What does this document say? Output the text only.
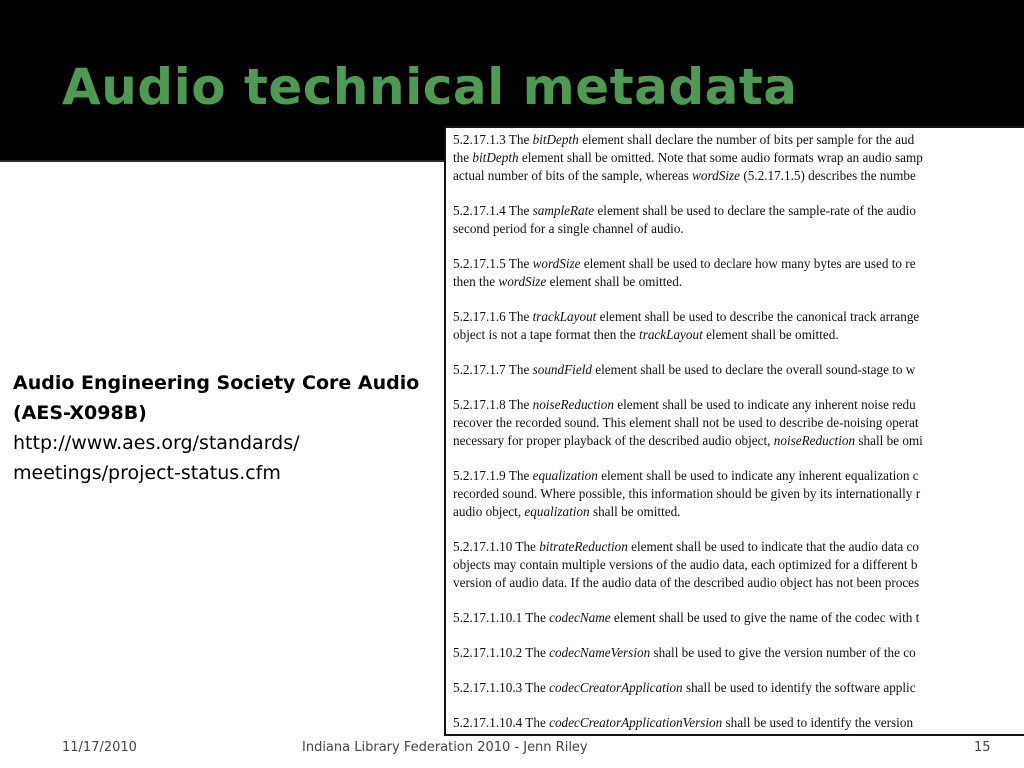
Audio technical metadata
Audio Engineering Society Core Audio (AES-X098B)
http://www.aes.org/standards/
meetings/project-status.cfm
5.2.17.1.3 The bitDepth element shall declare the number of bits per sample for the aud
the bitDepth element shall be omitted. Note that some audio formats wrap an audio samp
actual number of bits of the sample, whereas wordSize (5.2.17.1.5) describes the numbe
5.2.17.1.4 The sampleRate element shall be used to declare the sample-rate of the audio
second period for a single channel of audio.
5.2.17.1.5 The wordSize element shall be used to declare how many bytes are used to re
then the wordSize element shall be omitted.
5.2.17.1.6 The trackLayout element shall be used to describe the canonical track arrange
object is not a tape format then the trackLayout element shall be omitted.
5.2.17.1.7 The soundField element shall be used to declare the overall sound-stage to w
5.2.17.1.8 The noiseReduction element shall be used to indicate any inherent noise redu
recover the recorded sound. This element shall not be used to describe de-noising operat
necessary for proper playback of the described audio object, noiseReduction shall be omi
5.2.17.1.9 The equalization element shall be used to indicate any inherent equalization c
recorded sound. Where possible, this information should be given by its internationally r
audio object, equalization shall be omitted.
5.2.17.1.10 The bitrateReduction element shall be used to indicate that the audio data co
objects may contain multiple versions of the audio data, each optimized for a different b
version of audio data. If the audio data of the described audio object has not been proces
5.2.17.1.10.1 The codecName element shall be used to give the name of the codec with t
5.2.17.1.10.2 The codecNameVersion shall be used to give the version number of the co
5.2.17.1.10.3 The codecCreatorApplication shall be used to identify the software applic
5.2.17.1.10.4 The codecCreatorApplicationVersion shall be used to identify the version
11/17/2010	Indiana Library Federation 2010 - Jenn Riley	15
